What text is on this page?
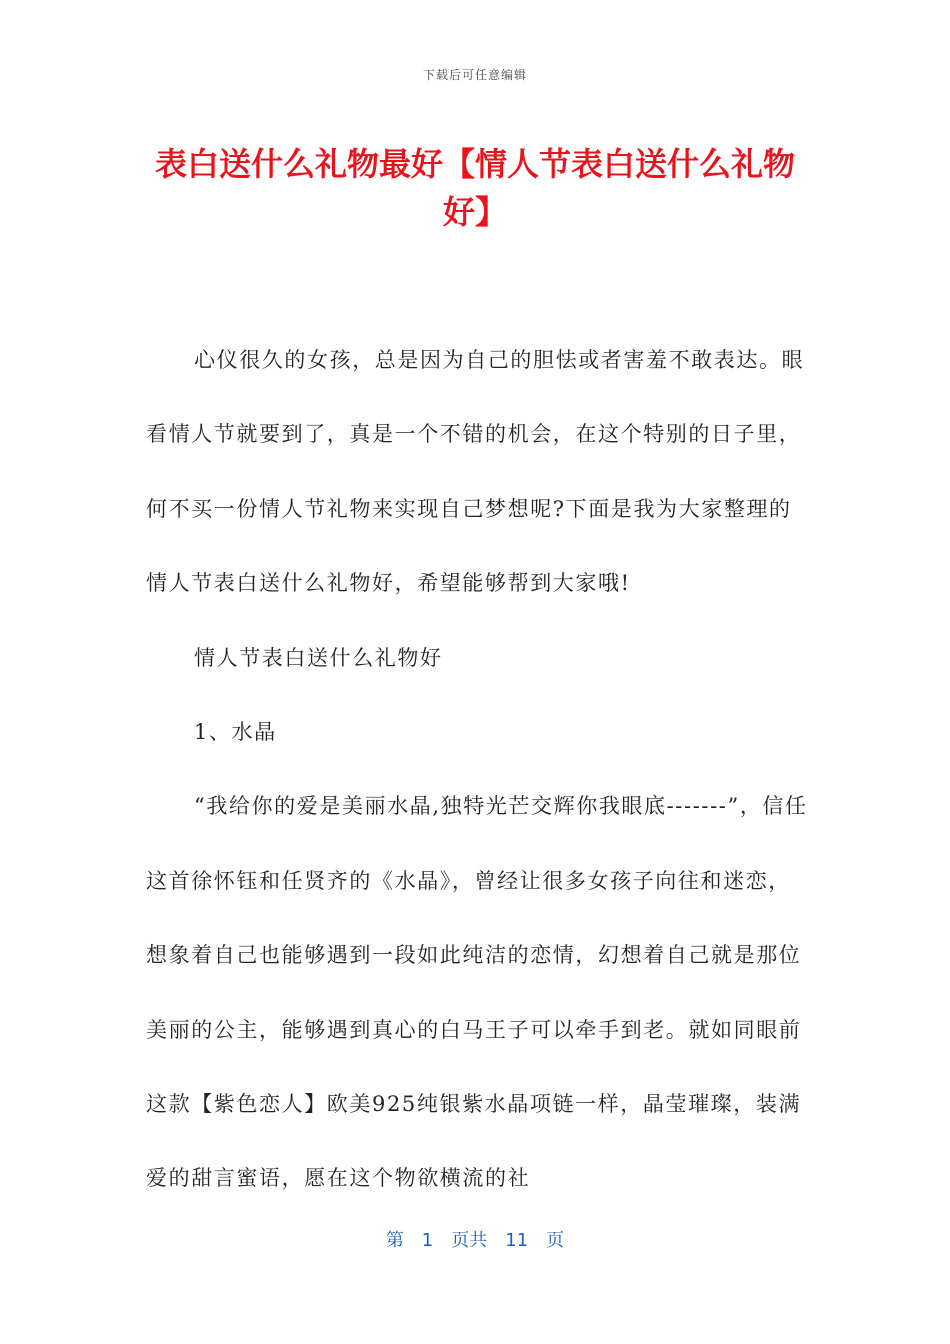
下载后可任意编辑
表白送什么礼物最好【情人节表白送什么礼物好】

心仪很久的女孩，总是因为自己的胆怯或者害羞不敢表达。眼看情人节就要到了，真是一个不错的机会，在这个特别的日子里，何不买一份情人节礼物来实现自己梦想呢?下面是我为大家整理的情人节表白送什么礼物好，希望能够帮到大家哦!

情人节表白送什么礼物好

1、水晶

“我给你的爱是美丽水晶,独特光芒交辉你我眼底-------”，信任这首徐怀钰和任贤齐的《水晶》，曾经让很多女孩子向往和迷恋，想象着自己也能够遇到一段如此纯洁的恋情，幻想着自己就是那位美丽的公主，能够遇到真心的白马王子可以牵手到老。就如同眼前这款【紫色恋人】欧美925纯银紫水晶项链一样，晶莹璀璨，装满爱的甜言蜜语，愿在这个物欲横流的社

第　1　页共　11　页
